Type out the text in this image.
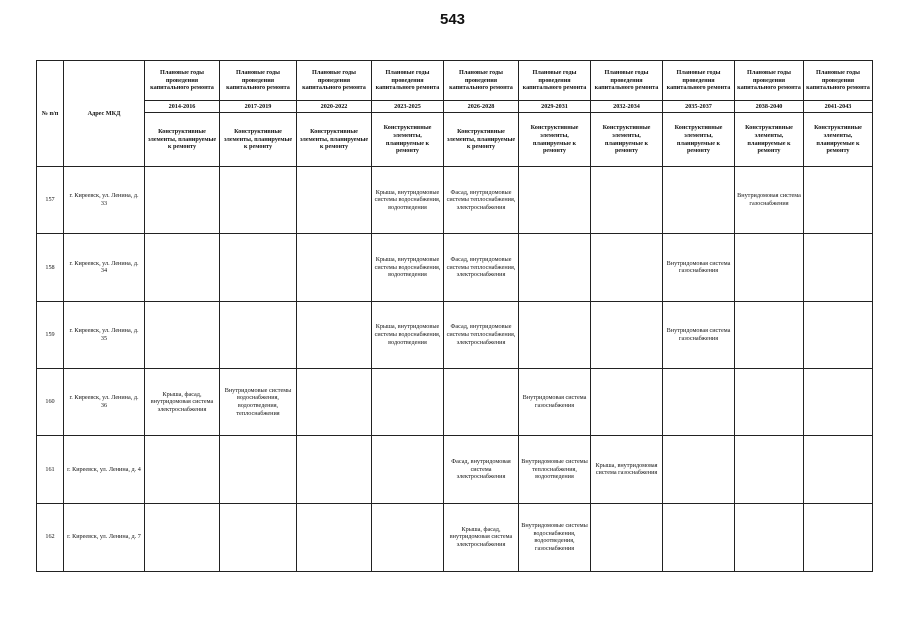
543
№ п/п	Адрес МКД	Плановые годы проведения капитального ремонта	Плановые годы проведения капитального ремонта	Плановые годы проведения капитального ремонта	Плановые годы проведения капитального ремонта	Плановые годы проведения капитального ремонта	Плановые годы проведения капитального ремонта	Плановые годы проведения капитального ремонта	Плановые годы проведения капитального ремонта	Плановые годы проведения капитального ремонта	Плановые годы проведения капитального ремонта
		2014-2016	2017-2019	2020-2022	2023-2025	2026-2028	2029-2031	2032-2034	2035-2037	2038-2040	2041-2043
		Конструктивные элементы, планируемые к ремонту	Конструктивные элементы, планируемые к ремонту	Конструктивные элементы, планируемые к ремонту	Конструктивные элементы, планируемые к ремонту	Конструктивные элементы, планируемые к ремонту	Конструктивные элементы, планируемые к ремонту	Конструктивные элементы, планируемые к ремонту	Конструктивные элементы, планируемые к ремонту	Конструктивные элементы, планируемые к ремонту	Конструктивные элементы, планируемые к ремонту
157	г. Киреевск, ул. Ленина, д. 33				Крыша, внутридомовые системы водоснабжения, водоотведения	Фасад, внутридомовые системы теплоснабжения, электроснабжения				Внутридомовая система газоснабжения	
158	г. Киреевск, ул. Ленина, д. 34				Крыша, внутридомовые системы водоснабжения, водоотведения	Фасад, внутридомовые системы теплоснабжения, электроснабжения			Внутридомовая система газоснабжения		
159	г. Киреевск, ул. Ленина, д. 35				Крыша, внутридомовые системы водоснабжения, водоотведения	Фасад, внутридомовые системы теплоснабжения, электроснабжения			Внутридомовая система газоснабжения		
160	г. Киреевск, ул. Ленина, д. 36	Крыша, фасад, внутридомовая система электроснабжения	Внутридомовые системы водоснабжения, водоотведения, теплоснабжения				Внутридомовая система газоснабжения				
161	г. Киреевск, ул. Ленина, д. 4					Фасад, внутридомовая система электроснабжения	Внутридомовые системы теплоснабжения, водоотведения	Крыша, внутридомовая система газоснабжения			
162	г. Киреевск, ул. Ленина, д. 7					Крыша, фасад, внутридомовая система электроснабжения	Внутридомовые системы водоснабжения, водоотведения, газоснабжения				
